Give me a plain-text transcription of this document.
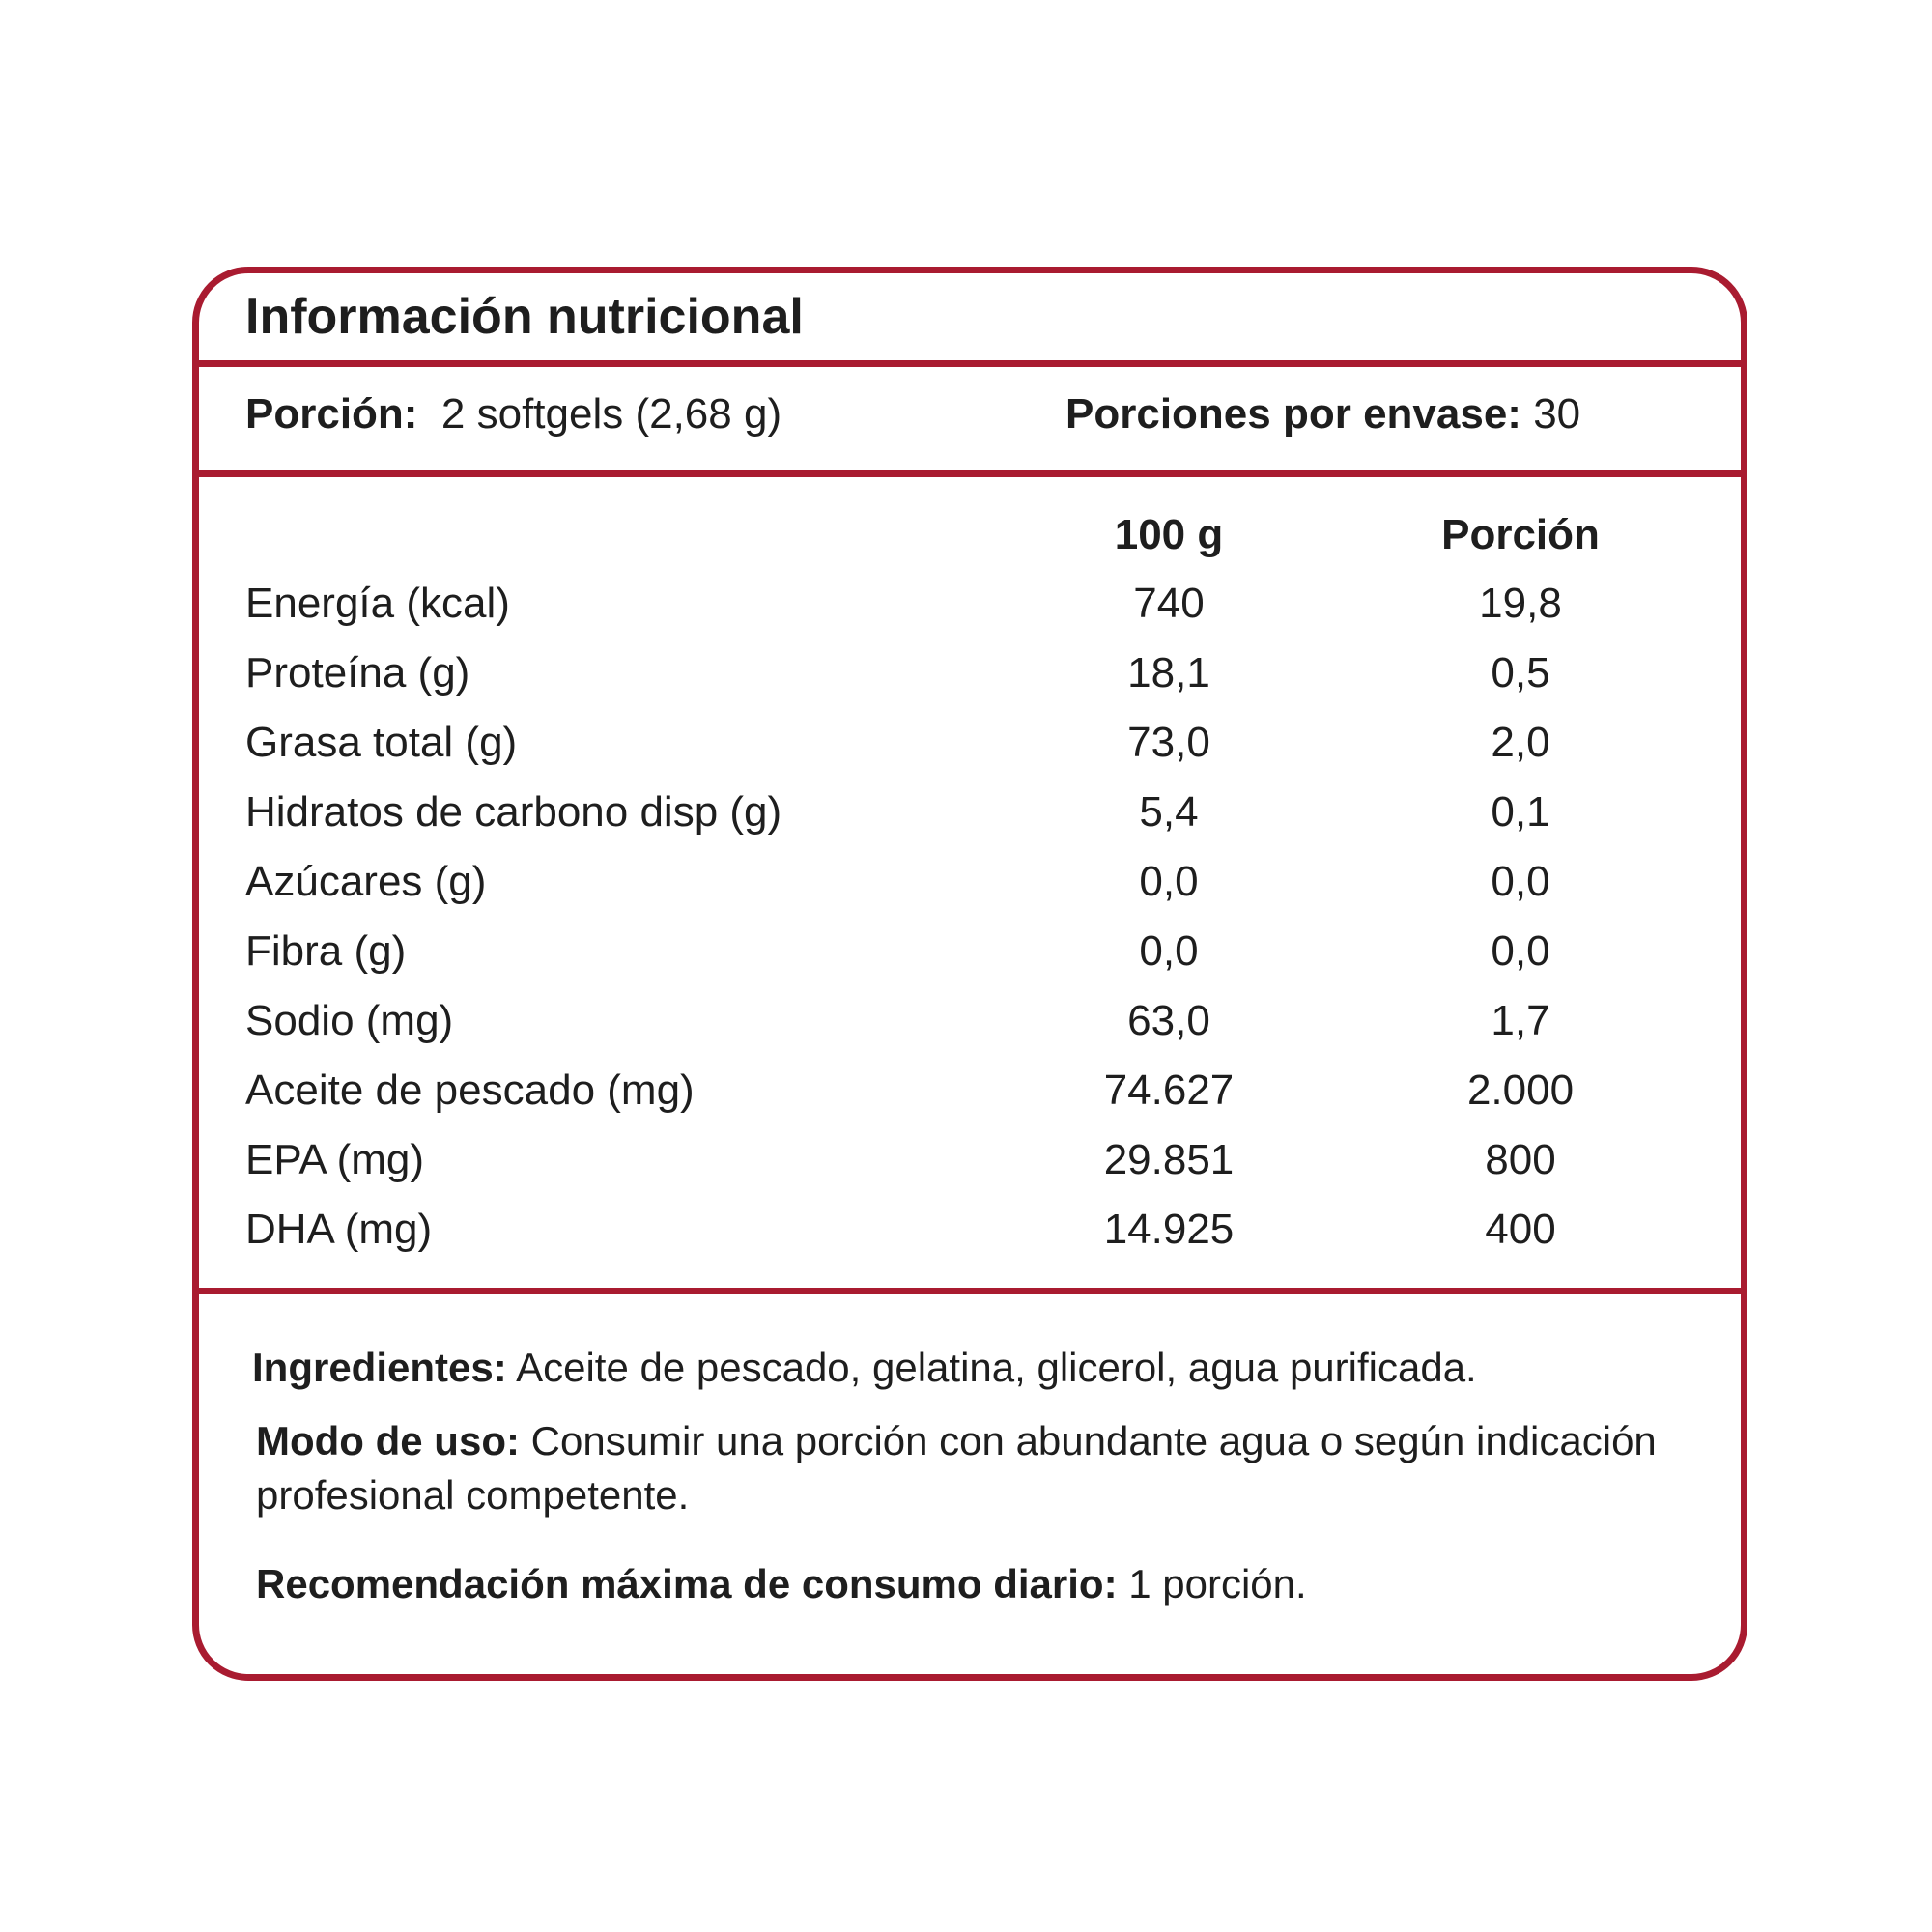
Información nutricional
Porción: 2 softgels (2,68 g)	Porciones por envase: 30
100 g	Porción
Energía (kcal)	740	19,8
Proteína (g)	18,1	0,5
Grasa total (g)	73,0	2,0
Hidratos de carbono disp (g)	5,4	0,1
Azúcares (g)	0,0	0,0
Fibra (g)	0,0	0,0
Sodio (mg)	63,0	1,7
Aceite de pescado (mg)	74.627	2.000
EPA (mg)	29.851	800
DHA (mg)	14.925	400

Ingredientes: Aceite de pescado, gelatina, glicerol, agua purificada.

Modo de uso: Consumir una porción con abundante agua o según indicación profesional competente.

Recomendación máxima de consumo diario: 1 porción.
